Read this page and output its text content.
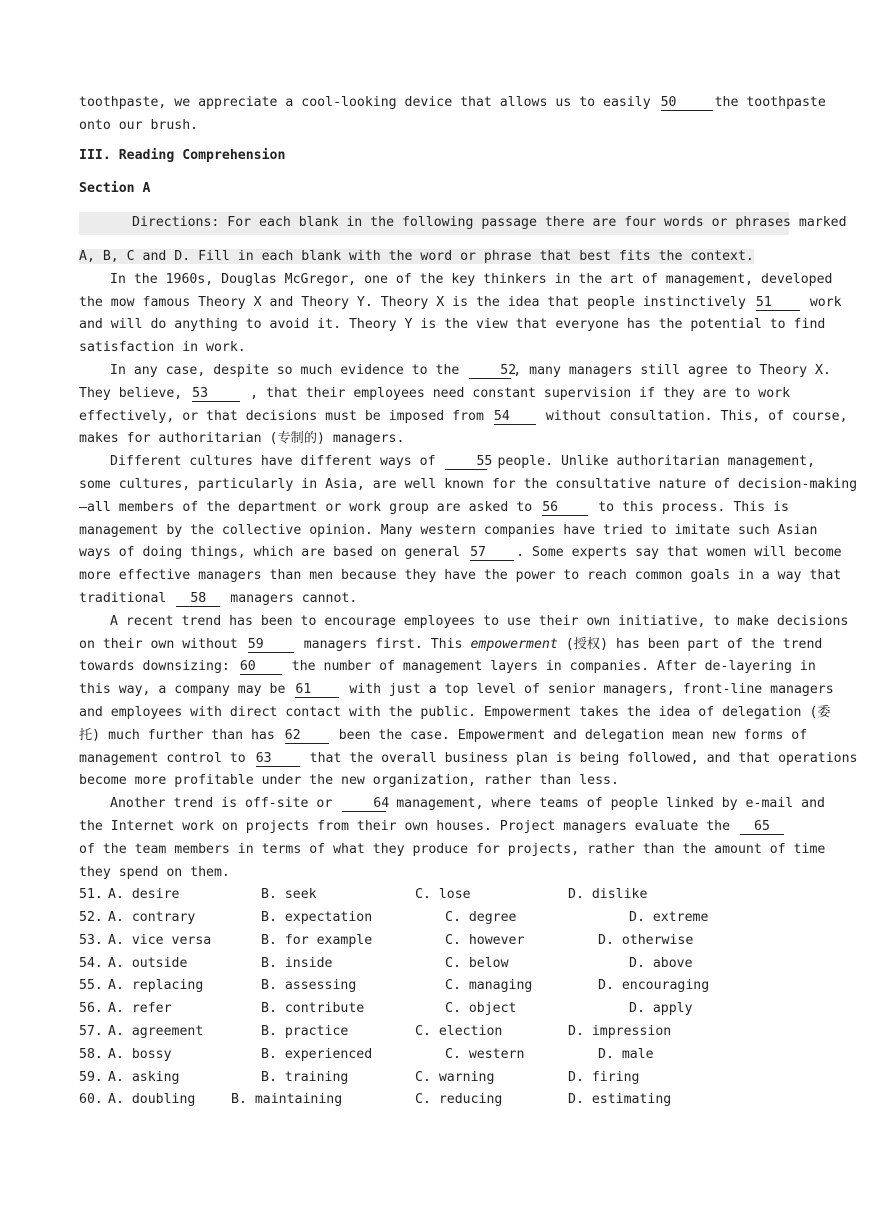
toothpaste, we appreciate a cool-looking device that allows us to easily 50	the toothpaste
onto our brush.
III. Reading Comprehension
Section A
Directions: For each blank in the following passage there are four words or phrases marked
A, B, C and D. Fill in each blank with the word or phrase that best fits the context.
In the 1960s, Douglas McGregor, one of the key thinkers in the art of management, developed
the mow famous Theory X and Theory Y. Theory X is the idea that people instinctively 51	work
and will do anything to avoid it. Theory Y is the view that everyone has the potential to find
satisfaction in work.
In any case, despite so much evidence to the	52, many managers still agree to Theory X.
They believe, 53	, that their employees need constant supervision if they are to work
effectively, or that decisions must be imposed from 54	without consultation. This, of course,
makes for authoritarian (专制的) managers.
Different cultures have different ways of	55 people. Unlike authoritarian management,
some cultures, particularly in Asia, are well known for the consultative nature of decision-making
—all members of the department or work group are asked to 56	to this process. This is
management by the collective opinion. Many western companies have tried to imitate such Asian
ways of doing things, which are based on general 57 . Some experts say that women will become
more effective managers than men because they have the power to reach common goals in a way that
traditional 58 managers cannot.
A recent trend has been to encourage employees to use their own initiative, to make decisions
on their own without 59	managers first. This empowerment (授权) has been part of the trend
towards downsizing: 60	the number of management layers in companies. After de-layering in
this way, a company may be 61	with just a top level of senior managers, front-line managers
and employees with direct contact with the public. Empowerment takes the idea of delegation (委
托) much further than has 62	been the case. Empowerment and delegation mean new forms of
management control to 63	that the overall business plan is being followed, and that operations
become more profitable under the new organization, rather than less.
Another trend is off-site or	64 management, where teams of people linked by e-mail and
the Internet work on projects from their own houses. Project managers evaluate the 65
of the team members in terms of what they produce for projects, rather than the amount of time
they spend on them.
51. A. desire	B. seek	C. lose	D. dislike
52. A. contrary	B. expectation	C. degree	D. extreme
53. A. vice versa	B. for example	C. however	D. otherwise
54. A. outside	B. inside	C. below	D. above
55. A. replacing	B. assessing	C. managing	D. encouraging
56. A. refer	B. contribute	C. object	D. apply
57. A. agreement	B. practice	C. election	D. impression
58. A. bossy	B. experienced	C. western	D. male
59. A. asking	B. training	C. warning	D. firing
60. A. doubling	B. maintaining	C. reducing	D. estimating
